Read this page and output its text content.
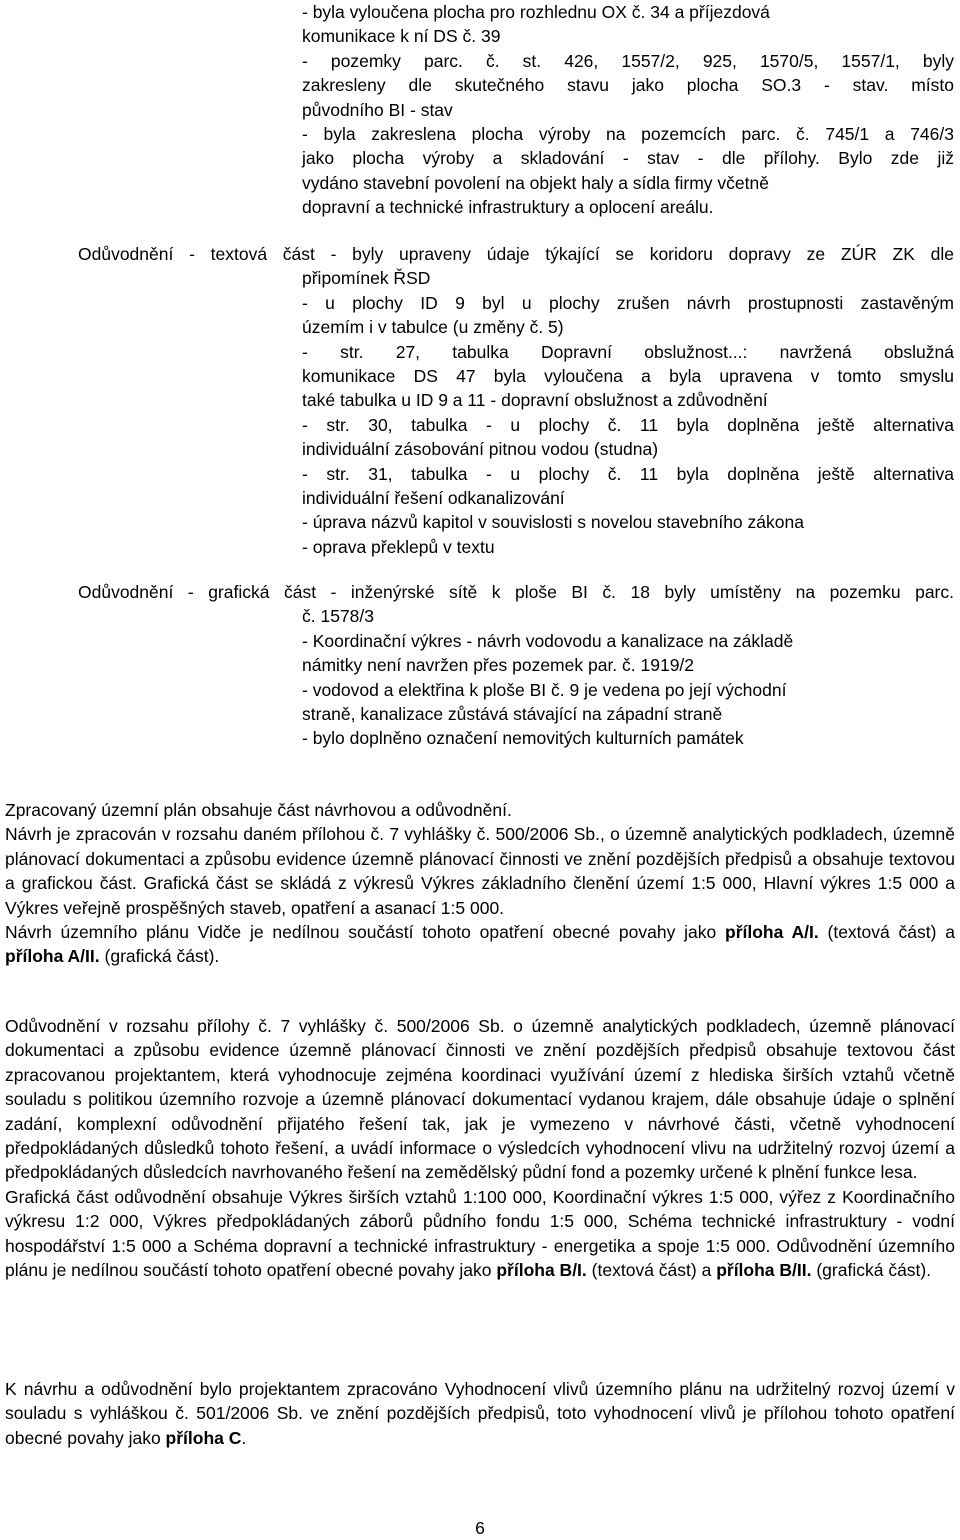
- byla vyloučena plocha pro rozhlednu OX č. 34 a příjezdová
komunikace k ní DS č. 39
- pozemky parc. č. st. 426, 1557/2, 925, 1570/5, 1557/1, byly
zakresleny dle skutečného stavu jako plocha SO.3 - stav. místo
původního BI - stav
- byla zakreslena plocha výroby na pozemcích parc. č. 745/1 a 746/3
jako plocha výroby a skladování - stav - dle přílohy. Bylo zde již
vydáno stavební povolení na objekt haly a sídla firmy včetně
dopravní a technické infrastruktury a oplocení areálu.
Odůvodnění - textová část - byly upraveny údaje týkající se koridoru dopravy ze ZÚR ZK dle
připomínek ŘSD
- u plochy ID 9 byl u plochy zrušen návrh prostupnosti zastavěným
územím i v tabulce (u změny č. 5)
- str. 27, tabulka Dopravní obslužnost...: navržená obslužná
komunikace DS 47 byla vyloučena a byla upravena v tomto smyslu
také tabulka u ID 9 a 11 - dopravní obslužnost a zdůvodnění
- str. 30, tabulka - u plochy č. 11 byla doplněna ještě alternativa
individuální zásobování pitnou vodou (studna)
- str. 31, tabulka - u plochy č. 11 byla doplněna ještě alternativa
individuální řešení odkanalizování
- úprava názvů kapitol v souvislosti s novelou stavebního zákona
- oprava překlepů v textu
Odůvodnění - grafická část - inženýrské sítě k ploše BI č. 18 byly umístěny na pozemku parc.
č. 1578/3
- Koordinační výkres - návrh vodovodu a kanalizace na základě
námitky není navržen přes pozemek par. č. 1919/2
- vodovod a elektřina k ploše BI č. 9 je vedena po její východní
straně, kanalizace zůstává stávající na západní straně
- bylo doplněno označení nemovitých kulturních památek
Zpracovaný územní plán obsahuje část návrhovou a odůvodnění.
Návrh je zpracován v rozsahu daném přílohou č. 7 vyhlášky č. 500/2006 Sb., o územně analytických podkladech, územně plánovací dokumentaci a způsobu evidence územně plánovací činnosti ve znění pozdějších předpisů a obsahuje textovou a grafickou část. Grafická část se skládá z výkresů Výkres základního členění území 1:5 000, Hlavní výkres 1:5 000 a Výkres veřejně prospěšných staveb, opatření a asanací 1:5 000.
Návrh územního plánu Vidče je nedílnou součástí tohoto opatření obecné povahy jako příloha A/I. (textová část) a příloha A/II. (grafická část).
Odůvodnění v rozsahu přílohy č. 7 vyhlášky č. 500/2006 Sb. o územně analytických podkladech, územně plánovací dokumentaci a způsobu evidence územně plánovací činnosti ve znění pozdějších předpisů obsahuje textovou část zpracovanou projektantem, která vyhodnocuje zejména koordinaci využívání území z hlediska širších vztahů včetně souladu s politikou územního rozvoje a územně plánovací dokumentací vydanou krajem, dále obsahuje údaje o splnění zadání, komplexní odůvodnění přijatého řešení tak, jak je vymezeno v návrhové části, včetně vyhodnocení předpokládaných důsledků tohoto řešení, a uvádí informace o výsledcích vyhodnocení vlivu na udržitelný rozvoj území a předpokládaných důsledcích navrhovaného řešení na zemědělský půdní fond a pozemky určené k plnění funkce lesa.
Grafická část odůvodnění obsahuje Výkres širších vztahů 1:100 000, Koordinační výkres 1:5 000, výřez z Koordinačního výkresu 1:2 000, Výkres předpokládaných záborů půdního fondu 1:5 000, Schéma technické infrastruktury - vodní hospodářství 1:5 000 a Schéma dopravní a technické infrastruktury - energetika a spoje 1:5 000. Odůvodnění územního plánu je nedílnou součástí tohoto opatření obecné povahy jako příloha B/I. (textová část) a příloha B/II. (grafická část).
K návrhu a odůvodnění bylo projektantem zpracováno Vyhodnocení vlivů územního plánu na udržitelný rozvoj území v souladu s vyhláškou č. 501/2006 Sb. ve znění pozdějších předpisů, toto vyhodnocení vlivů je přílohou tohoto opatření obecné povahy jako příloha C.
6
